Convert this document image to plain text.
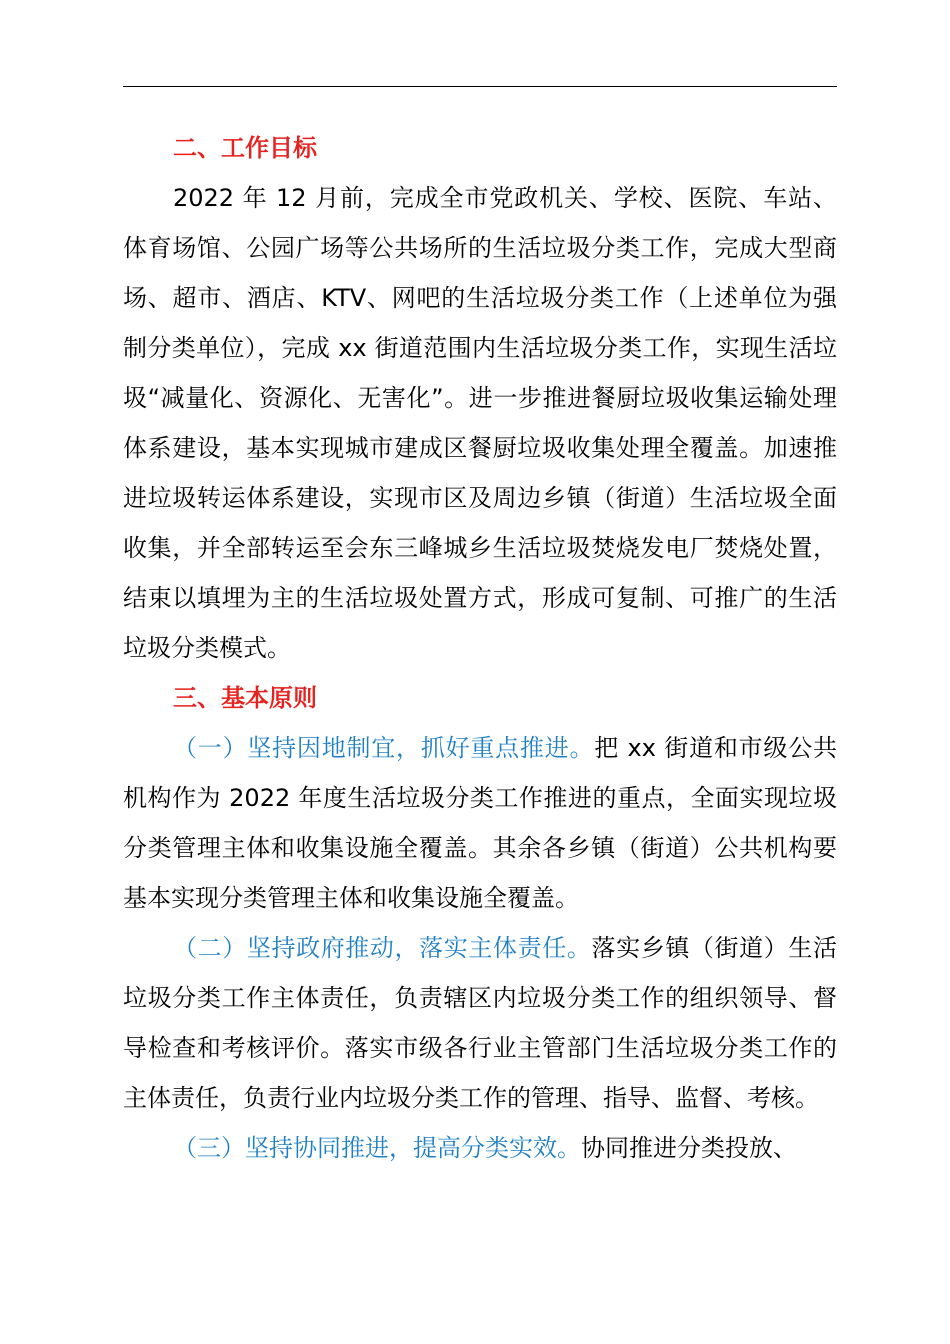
二、工作目标

2022 年 12 月前，完成全市党政机关、学校、医院、车站、体育场馆、公园广场等公共场所的生活垃圾分类工作，完成大型商场、超市、酒店、KTV、网吧的生活垃圾分类工作（上述单位为强制分类单位），完成 xx 街道范围内生活垃圾分类工作，实现生活垃圾“减量化、资源化、无害化”。进一步推进餐厨垃圾收集运输处理体系建设，基本实现城市建成区餐厨垃圾收集处理全覆盖。加速推进垃圾转运体系建设，实现市区及周边乡镇（街道）生活垃圾全面收集，并全部转运至会东三峰城乡生活垃圾焚烧发电厂焚烧处置，结束以填埋为主的生活垃圾处置方式，形成可复制、可推广的生活垃圾分类模式。

三、基本原则

（一）坚持因地制宜，抓好重点推进。把 xx 街道和市级公共机构作为 2022 年度生活垃圾分类工作推进的重点，全面实现垃圾分类管理主体和收集设施全覆盖。其余各乡镇（街道）公共机构要基本实现分类管理主体和收集设施全覆盖。

（二）坚持政府推动，落实主体责任。落实乡镇（街道）生活垃圾分类工作主体责任，负责辖区内垃圾分类工作的组织领导、督导检查和考核评价。落实市级各行业主管部门生活垃圾分类工作的主体责任，负责行业内垃圾分类工作的管理、指导、监督、考核。

（三）坚持协同推进，提高分类实效。协同推进分类投放、
